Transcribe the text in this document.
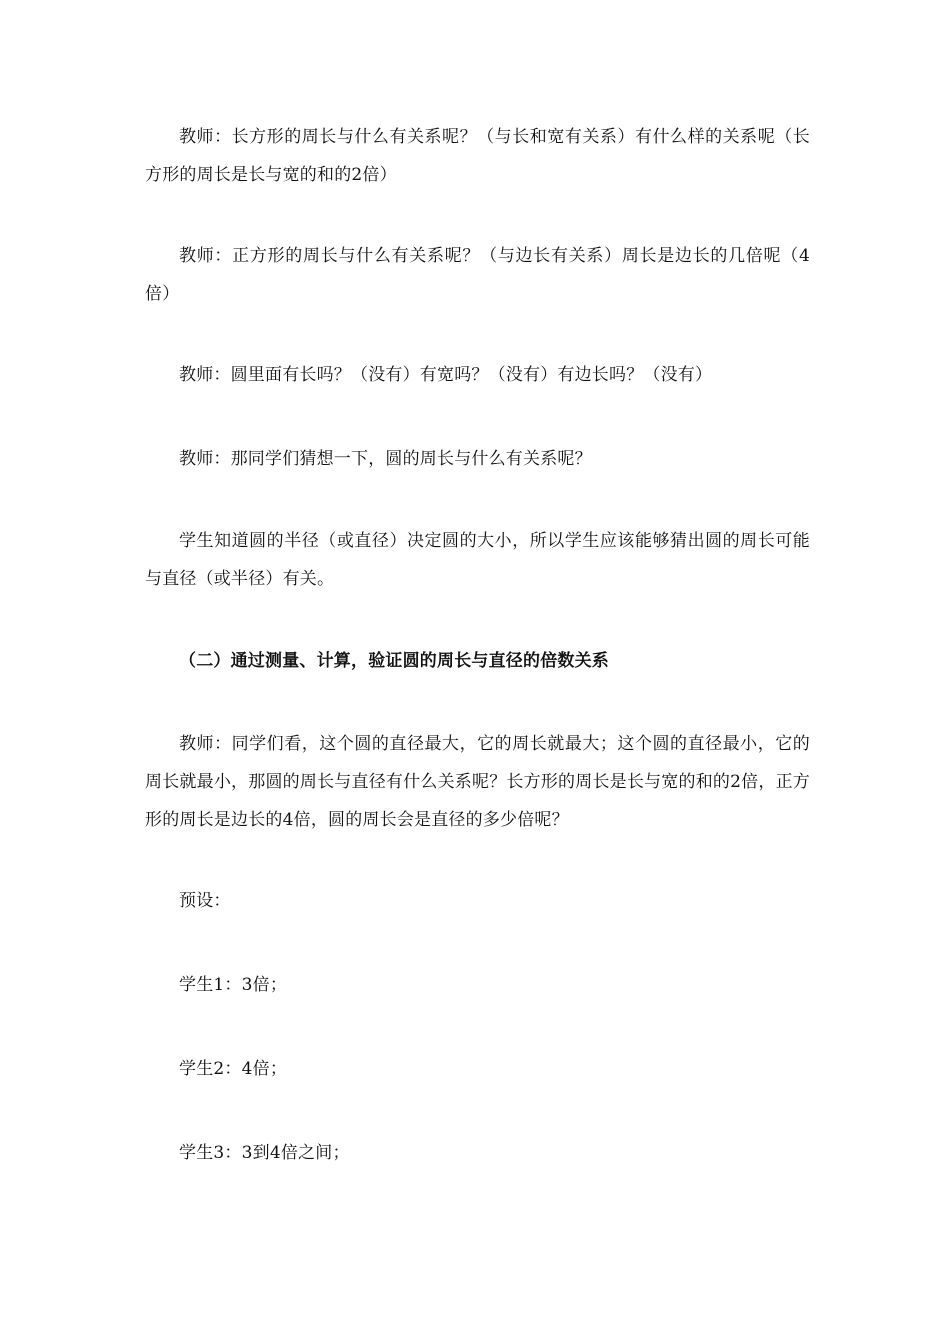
教师：长方形的周长与什么有关系呢？（与长和宽有关系）有什么样的关系呢（长方形的周长是长与宽的和的2倍）

教师：正方形的周长与什么有关系呢？（与边长有关系）周长是边长的几倍呢（4倍）

教师：圆里面有长吗？（没有）有宽吗？（没有）有边长吗？（没有）

教师：那同学们猜想一下，圆的周长与什么有关系呢？

学生知道圆的半径（或直径）决定圆的大小，所以学生应该能够猜出圆的周长可能与直径（或半径）有关。

（二）通过测量、计算，验证圆的周长与直径的倍数关系

教师：同学们看，这个圆的直径最大，它的周长就最大；这个圆的直径最小，它的周长就最小，那圆的周长与直径有什么关系呢？长方形的周长是长与宽的和的2倍，正方形的周长是边长的4倍，圆的周长会是直径的多少倍呢？

预设：

学生1：3倍；

学生2：4倍；

学生3：3到4倍之间；
